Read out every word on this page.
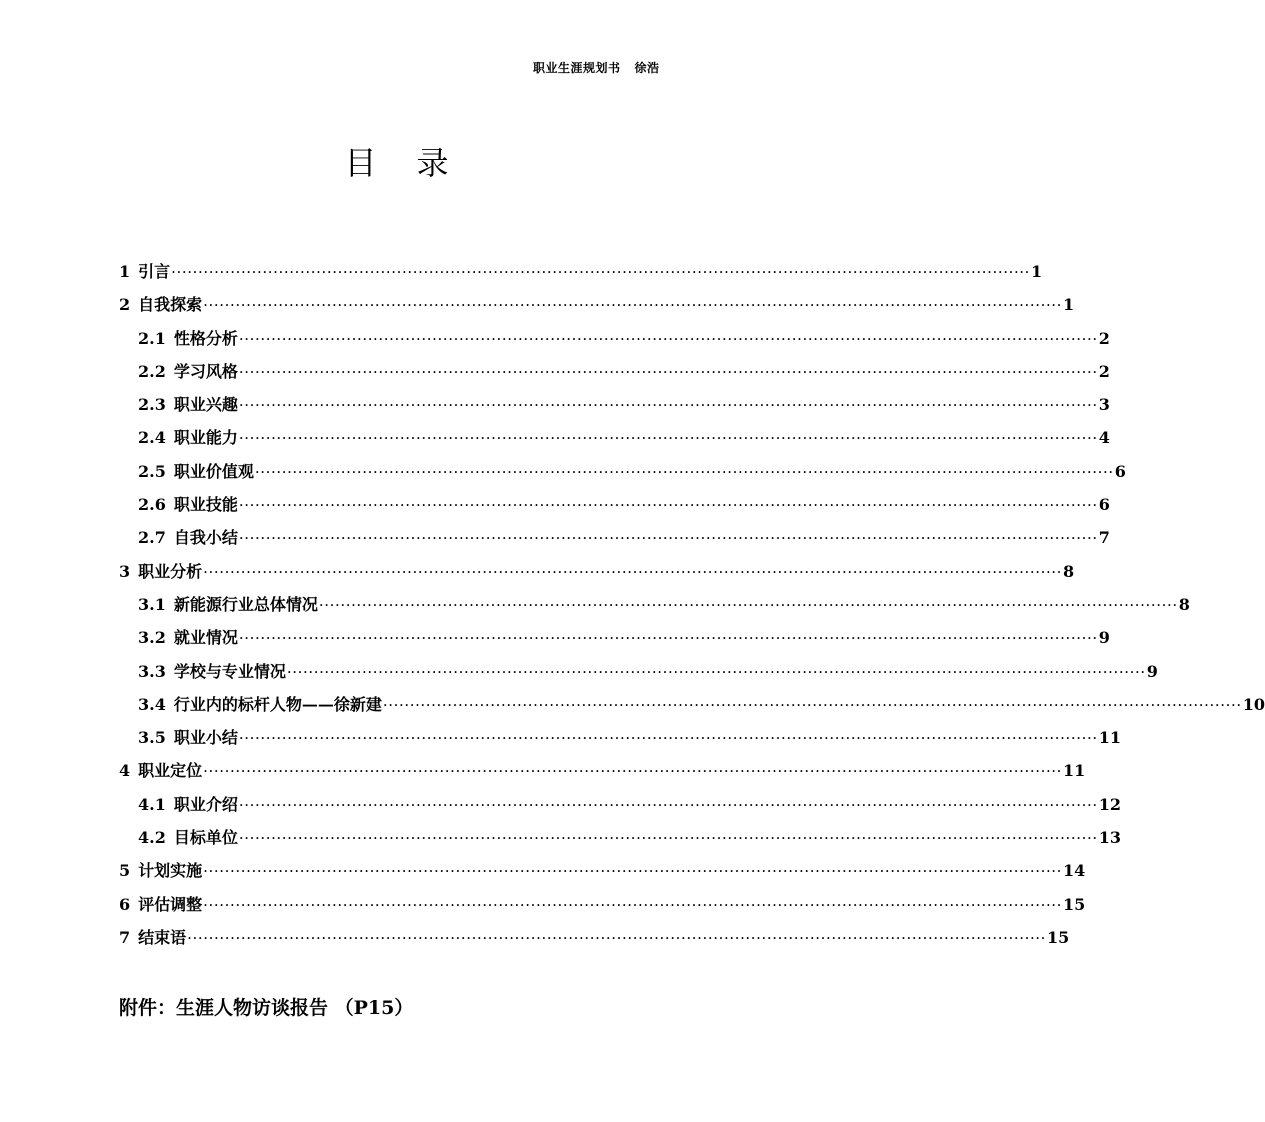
职业生涯规划书 徐浩
目录
1 引言 ································································································································································ 1
2 自我探索 ································································································································································ 1
2.1 性格分析 ································································································································································ 2
2.2 学习风格 ································································································································································ 2
2.3 职业兴趣 ································································································································································ 3
2.4 职业能力 ································································································································································ 4
2.5 职业价值观 ································································································································································ 6
2.6 职业技能 ································································································································································ 6
2.7 自我小结 ································································································································································ 7
3 职业分析 ································································································································································ 8
3.1 新能源行业总体情况 ································································································································································ 8
3.2 就业情况 ································································································································································ 9
3.3 学校与专业情况 ································································································································································ 9
3.4 行业内的标杆人物——徐新建 ································································································································································ 10
3.5 职业小结 ································································································································································ 11
4 职业定位 ································································································································································ 11
4.1 职业介绍 ································································································································································ 12
4.2 目标单位 ································································································································································ 13
5 计划实施 ································································································································································ 14
6 评估调整 ································································································································································ 15
7 结束语 ································································································································································ 15
附件：生涯人物访谈报告 （P15）
